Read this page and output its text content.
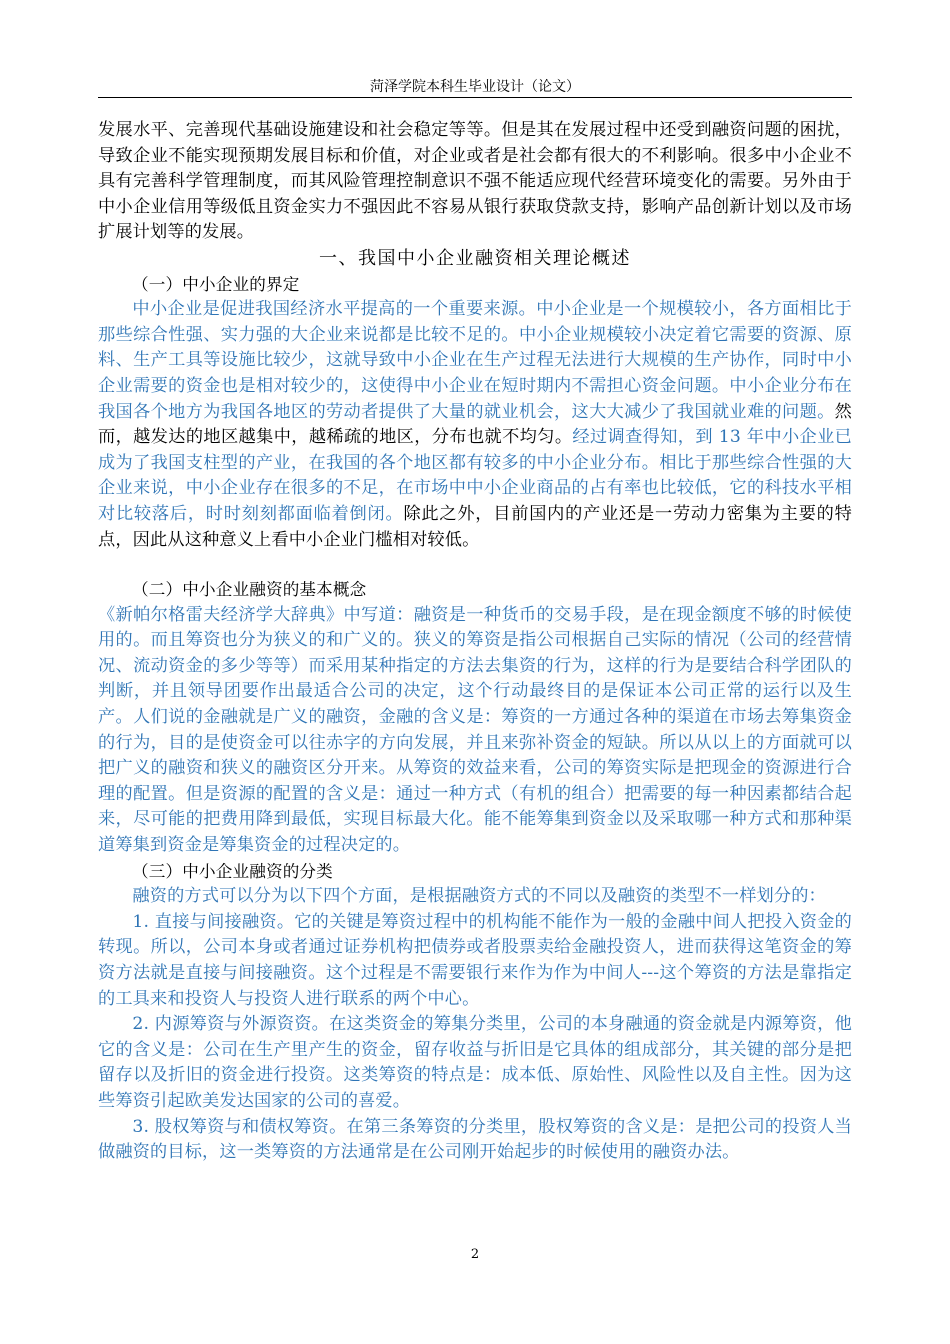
菏泽学院本科生毕业设计（论文）

发展水平、完善现代基础设施建设和社会稳定等等。但是其在发展过程中还受到融资问题的困扰，导致企业不能实现预期发展目标和价值，对企业或者是社会都有很大的不利影响。很多中小企业不具有完善科学管理制度，而其风险管理控制意识不强不能适应现代经营环境变化的需要。另外由于中小企业信用等级低且资金实力不强因此不容易从银行获取贷款支持，影响产品创新计划以及市场扩展计划等的发展。

一、我国中小企业融资相关理论概述

（一）中小企业的界定

中小企业是促进我国经济水平提高的一个重要来源。中小企业是一个规模较小，各方面相比于那些综合性强、实力强的大企业来说都是比较不足的。中小企业规模较小决定着它需要的资源、原料、生产工具等设施比较少，这就导致中小企业在生产过程无法进行大规模的生产协作，同时中小企业需要的资金也是相对较少的，这使得中小企业在短时期内不需担心资金问题。中小企业分布在我国各个地方为我国各地区的劳动者提供了大量的就业机会，这大大减少了我国就业难的问题。然而，越发达的地区越集中，越稀疏的地区，分布也就不均匀。经过调查得知，到 13 年中小企业已成为了我国支柱型的产业，在我国的各个地区都有较多的中小企业分布。相比于那些综合性强的大企业来说，中小企业存在很多的不足，在市场中中小企业商品的占有率也比较低，它的科技水平相对比较落后，时时刻刻都面临着倒闭。除此之外，目前国内的产业还是一劳动力密集为主要的特点，因此从这种意义上看中小企业门槛相对较低。

（二）中小企业融资的基本概念

《新帕尔格雷夫经济学大辞典》中写道：融资是一种货币的交易手段，是在现金额度不够的时候使用的。而且筹资也分为狭义的和广义的。狭义的筹资是指公司根据自己实际的情况（公司的经营情况、流动资金的多少等等）而采用某种指定的方法去集资的行为，这样的行为是要结合科学团队的判断，并且领导团要作出最适合公司的决定，这个行动最终目的是保证本公司正常的运行以及生产。人们说的金融就是广义的融资，金融的含义是：筹资的一方通过各种的渠道在市场去筹集资金的行为，目的是使资金可以往赤字的方向发展，并且来弥补资金的短缺。所以从以上的方面就可以把广义的融资和狭义的融资区分开来。从筹资的效益来看，公司的筹资实际是把现金的资源进行合理的配置。但是资源的配置的含义是：通过一种方式（有机的组合）把需要的每一种因素都结合起来，尽可能的把费用降到最低，实现目标最大化。能不能筹集到资金以及采取哪一种方式和那种渠道筹集到资金是筹集资金的过程决定的。

（三）中小企业融资的分类

融资的方式可以分为以下四个方面，是根据融资方式的不同以及融资的类型不一样划分的：

1. 直接与间接融资。它的关键是筹资过程中的机构能不能作为一般的金融中间人把投入资金的转现。所以，公司本身或者通过证券机构把债券或者股票卖给金融投资人，进而获得这笔资金的筹资方法就是直接与间接融资。这个过程是不需要银行来作为作为中间人---这个筹资的方法是靠指定的工具来和投资人与投资人进行联系的两个中心。

2. 内源筹资与外源资资。在这类资金的筹集分类里，公司的本身融通的资金就是内源筹资，他它的含义是：公司在生产里产生的资金，留存收益与折旧是它具体的组成部分，其关键的部分是把留存以及折旧的资金进行投资。这类筹资的特点是：成本低、原始性、风险性以及自主性。因为这些筹资引起欧美发达国家的公司的喜爱。

3. 股权筹资与和债权筹资。在第三条筹资的分类里，股权筹资的含义是：是把公司的投资人当做融资的目标，这一类筹资的方法通常是在公司刚开始起步的时候使用的融资办法。

2
